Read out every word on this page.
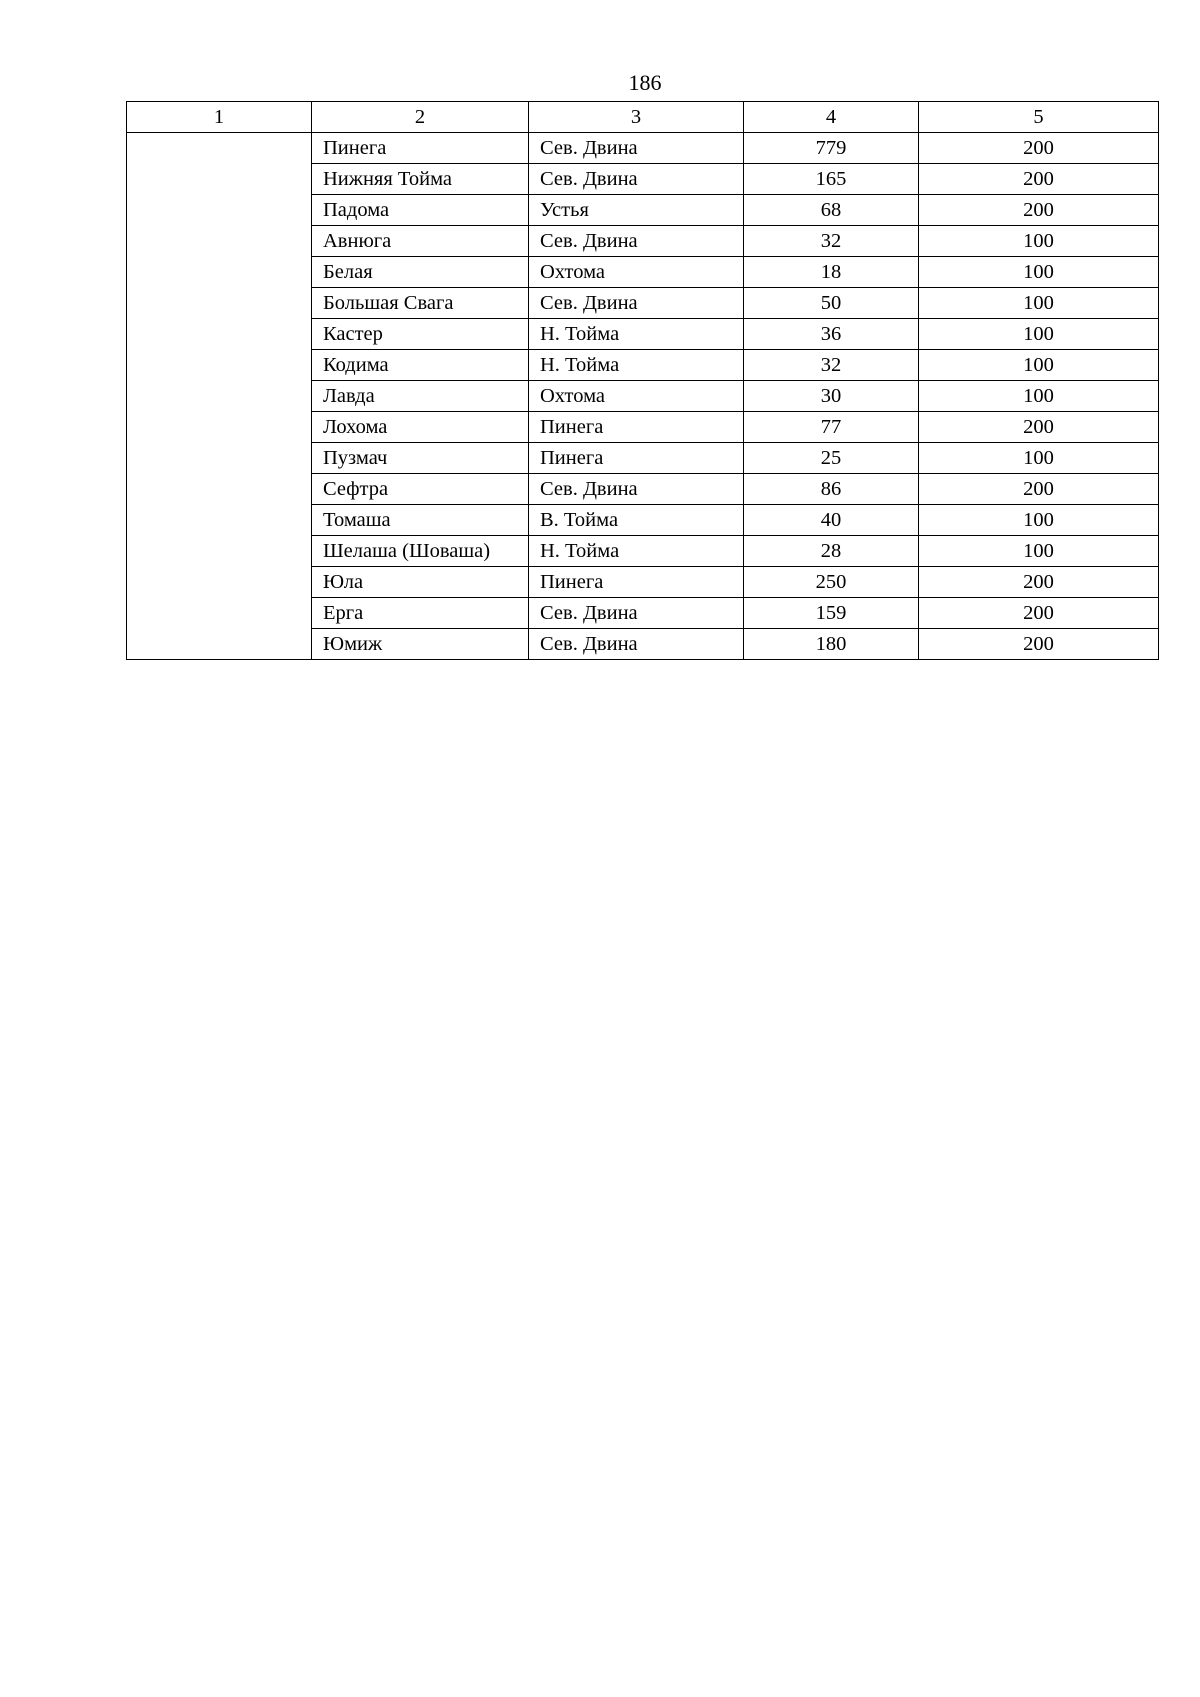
186
1	2	3	4	5
	Пинега	Сев. Двина	779	200
	Нижняя Тойма	Сев. Двина	165	200
	Падома	Устья	68	200
	Авнюга	Сев. Двина	32	100
	Белая	Охтома	18	100
	Большая Свага	Сев. Двина	50	100
	Кастер	Н. Тойма	36	100
	Кодима	Н. Тойма	32	100
	Лавда	Охтома	30	100
	Лохома	Пинега	77	200
	Пузмач	Пинега	25	100
	Сефтра	Сев. Двина	86	200
	Томаша	В. Тойма	40	100
	Шелаша (Шоваша)	Н. Тойма	28	100
	Юла	Пинега	250	200
	Ерга	Сев. Двина	159	200
	Юмиж	Сев. Двина	180	200
